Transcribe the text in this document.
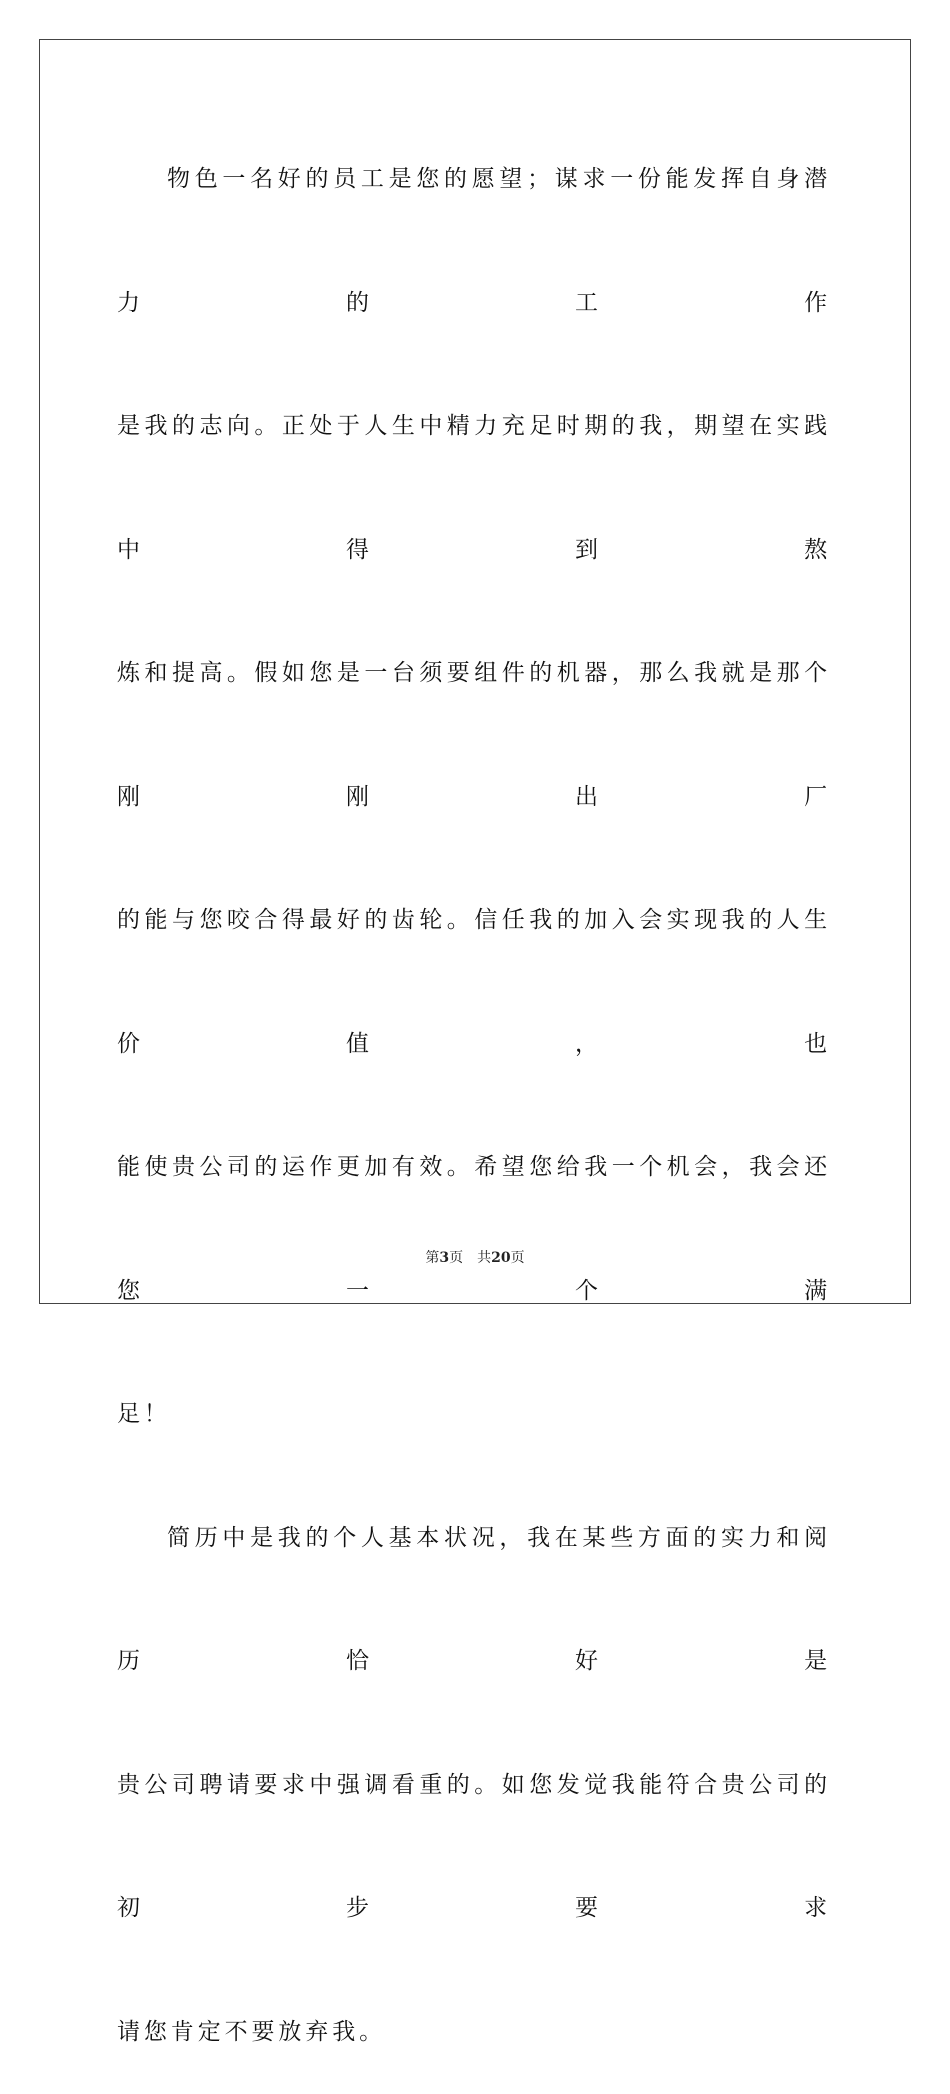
物色一名好的员工是您的愿望；谋求一份能发挥自身潜力的工作
是我的志向。正处于人生中精力充足时期的我，期望在实践中得到熬
炼和提高。假如您是一台须要组件的机器，那么我就是那个刚刚出厂
的能与您咬合得最好的齿轮。信任我的加入会实现我的人生价值，也
能使贵公司的运作更加有效。希望您给我一个机会，我会还您一个满
足！
简历中是我的个人基本状况，我在某些方面的实力和阅历恰好是
贵公司聘请要求中强调看重的。如您发觉我能符合贵公司的初步要求
请您肯定不要放弃我。
第3页 共20页
